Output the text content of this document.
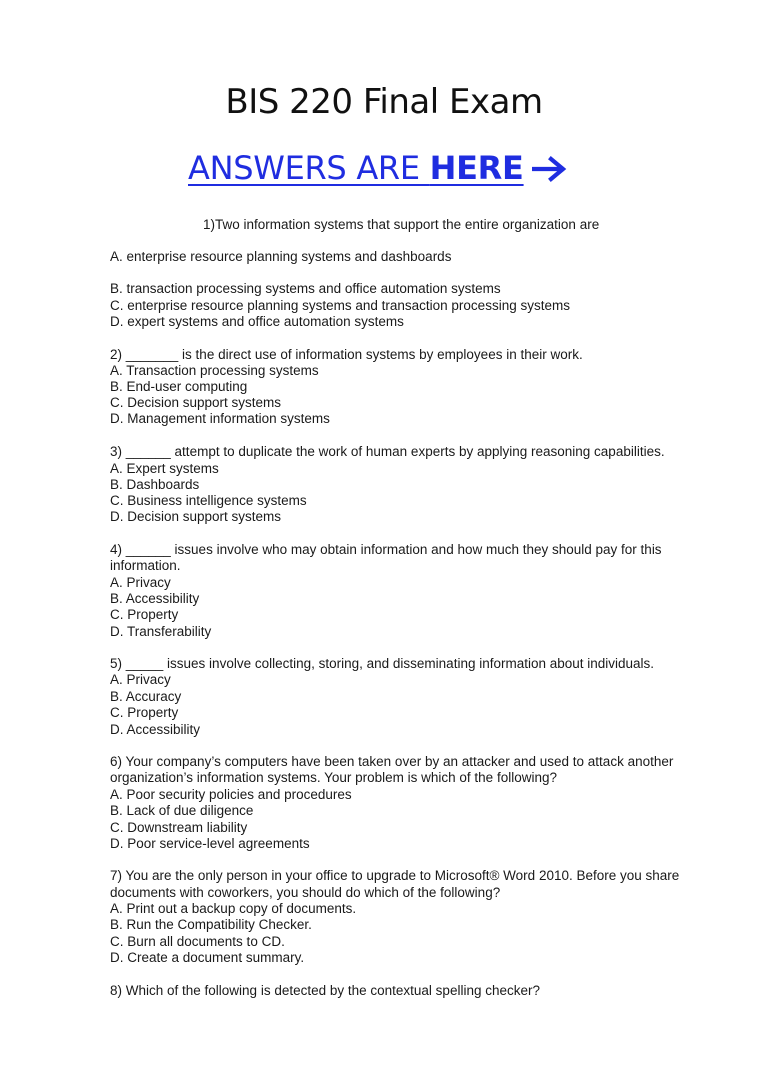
BIS 220 Final Exam
ANSWERS ARE HERE
1)Two information systems that support the entire organization are
A. enterprise resource planning systems and dashboards
B. transaction processing systems and office automation systems
C. enterprise resource planning systems and transaction processing systems
D. expert systems and office automation systems
2) _______ is the direct use of information systems by employees in their work.
A. Transaction processing systems
B. End-user computing
C. Decision support systems
D. Management information systems
3) ______ attempt to duplicate the work of human experts by applying reasoning capabilities.
A. Expert systems
B. Dashboards
C. Business intelligence systems
D. Decision support systems
4) ______ issues involve who may obtain information and how much they should pay for this
information.
A. Privacy
B. Accessibility
C. Property
D. Transferability
5) _____ issues involve collecting, storing, and disseminating information about individuals.
A. Privacy
B. Accuracy
C. Property
D. Accessibility
6) Your company’s computers have been taken over by an attacker and used to attack another
organization’s information systems. Your problem is which of the following?
A. Poor security policies and procedures
B. Lack of due diligence
C. Downstream liability
D. Poor service-level agreements
7) You are the only person in your office to upgrade to Microsoft® Word 2010. Before you share
documents with coworkers, you should do which of the following?
A. Print out a backup copy of documents.
B. Run the Compatibility Checker.
C. Burn all documents to CD.
D. Create a document summary.
8) Which of the following is detected by the contextual spelling checker?
